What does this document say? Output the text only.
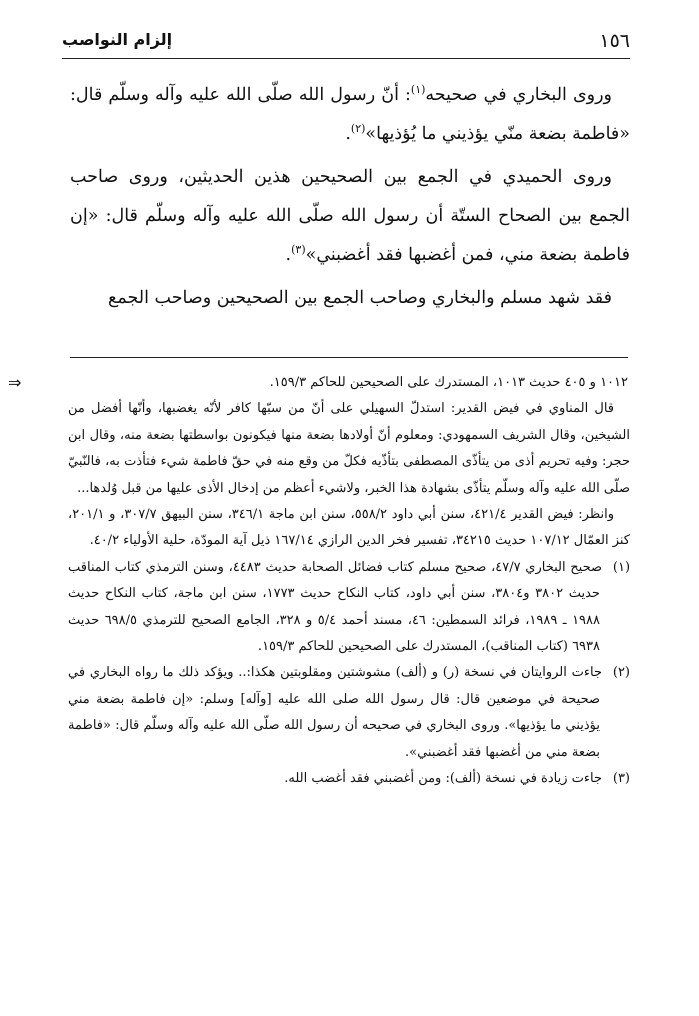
١٥٦
إلزام النواصب

وروى البخاري في صحيحه$^{(١)}$: أنّ رسول الله صلّى الله عليه وآله وسلّم قال: «فاطمة بضعة منّي يؤذيني ما يُؤذيها»$^{(٢)}$.

وروى الحميدي في الجمع بين الصحيحين هذين الحديثين، وروى صاحب الجمع بين الصحاح الستّة أن رسول الله صلّى الله عليه وآله وسلّم قال: «إن فاطمة بضعة مني، فمن أغضبها فقد أغضبني»$^{(٣)}$.

فقد شهد مسلم والبخاري وصاحب الجمع بين الصحيحين وصاحب الجمع

⇒	١٠١٢ و ٤٠٥ حديث ١٠١٣، المستدرك على الصحيحين للحاكم ١٥٩/٣.

قال المناوي في فيض القدير: استدلّ السهيلي على أنّ من سبّها كافر لأنّه يغضبها، وأنّها أفضل من الشيخين، وقال الشريف السمهودي: ومعلوم أنّ أولادها بضعة منها فيكونون بواسطتها بضعة منه، وقال ابن حجر: وفيه تحريم أذى من يتأذّى المصطفى بتأذّيه فكلّ من وقع منه في حقّ فاطمة شيء فتأذت به، فالنّبيّ صلّى الله عليه وآله وسلّم يتأذّى بشهادة هذا الخبر، ولاشيء أعظم من إدخال الأذى عليها من قبل وُلدها...

وانظر: فيض القدير ٤٢١/٤، سنن أبي داود ٥٥٨/٢، سنن ابن ماجة ٣٤٦/١، سنن البيهق ٣٠٧/٧، و ٢٠١/١، كنز العمّال ١٠٧/١٢ حديث ٣٤٢١٥، تفسير فخر الدين الرازي ١٦٧/١٤ ذيل آية المودّة، حلية الأولياء ٤٠/٢.

(١)صحيح البخاري ٤٧/٧، صحيح مسلم كتاب فضائل الصحابة حديث ٤٤٨٣، وسنن الترمذي كتاب المناقب حديث ٣٨٠٢ و٣٨٠٤، سنن أبي داود، كتاب النكاح حديث ١٧٧٣، سنن ابن ماجة، كتاب النكاح حديث ١٩٨٨ ـ ١٩٨٩، فرائد السمطين: ٤٦، مسند أحمد ٥/٤ و ٣٢٨، الجامع الصحيح للترمذي ٦٩٨/٥ حديث ٦٩٣٨ (كتاب المناقب)، المستدرك على الصحيحين للحاكم ١٥٩/٣.

(٢)جاءت الروايتان في نسخة (ر) و (ألف) مشوشتين ومقلوبتين هكذا:.. ويؤكد ذلك ما رواه البخاري في صحيحة في موضعين قال: قال رسول الله صلى الله عليه [وآله] وسلم: «إن فاطمة بضعة مني يؤذيني ما يؤذيها». وروى البخاري في صحيحه أن رسول الله صلّى الله عليه وآله وسلّم قال: «فاطمة بضعة مني من أغضبها فقد أغضبني».

(٣)جاءت زيادة في نسخة (ألف): ومن أغضبني فقد أغضب الله.
